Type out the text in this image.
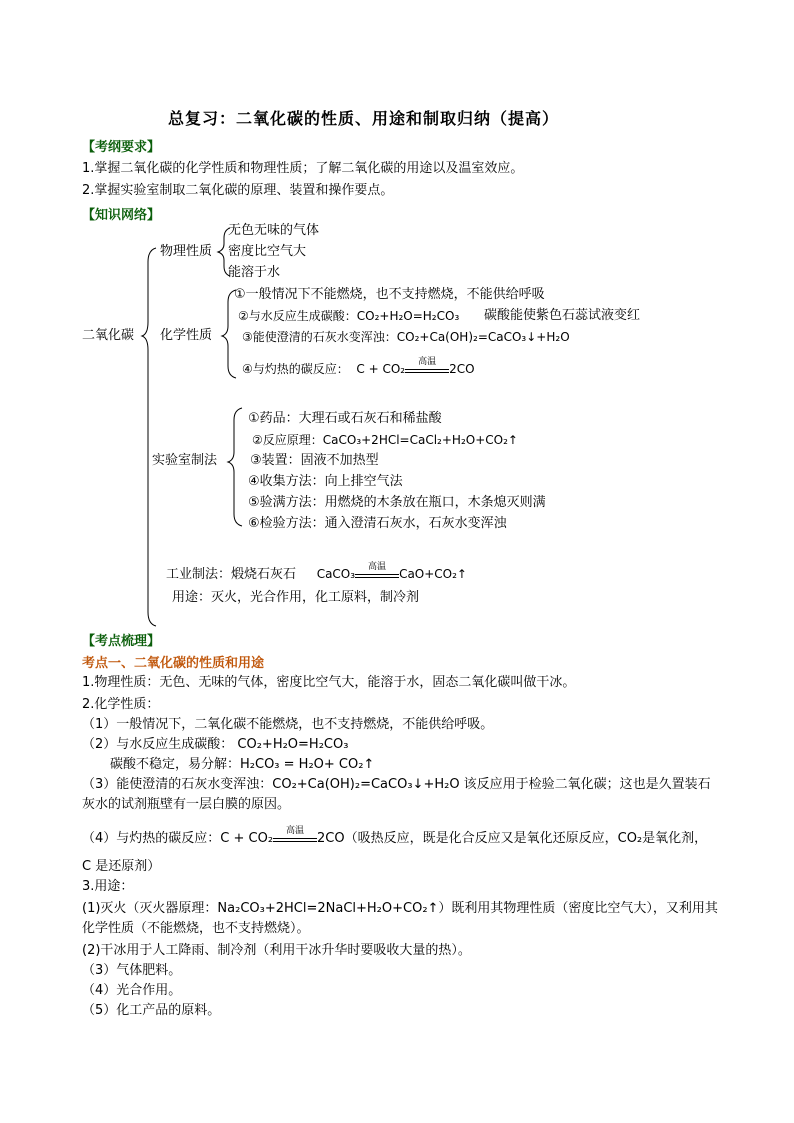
总复习：二氧化碳的性质、用途和制取归纳（提高）
【考纲要求】
1.掌握二氧化碳的化学性质和物理性质；了解二氧化碳的用途以及温室效应。
2.掌握实验室制取二氧化碳的原理、装置和操作要点。
【知识网络】
二氧化碳
物理性质
无色无味的气体
密度比空气大
能溶于水
化学性质
①一般情况下不能燃烧，也不支持燃烧，不能供给呼吸
②与水反应生成碳酸：CO₂+H₂O=H₂CO₃ 碳酸能使紫色石蕊试液变红
③能使澄清的石灰水变浑浊：CO₂+Ca(OH)₂=CaCO₃↓+H₂O
④与灼热的碳反应： C + CO₂
高温
2CO
实验室制法
①药品：大理石或石灰石和稀盐酸
②反应原理：CaCO₃+2HCl=CaCl₂+H₂O+CO₂↑
③装置：固液不加热型
④收集方法：向上排空气法
⑤验满方法：用燃烧的木条放在瓶口，木条熄灭则满
⑥检验方法：通入澄清石灰水，石灰水变浑浊
工业制法：煅烧石灰石 CaCO₃
高温
CaO+CO₂↑
用途：灭火，光合作用，化工原料，制冷剂
【考点梳理】
考点一、二氧化碳的性质和用途
1.物理性质：无色、无味的气体，密度比空气大，能溶于水，固态二氧化碳叫做干冰。
2.化学性质：
（1）一般情况下，二氧化碳不能燃烧，也不支持燃烧，不能供给呼吸。
（2）与水反应生成碳酸： CO₂+H₂O=H₂CO₃
碳酸不稳定，易分解：H₂CO₃ = H₂O+ CO₂↑
（3）能使澄清的石灰水变浑浊：CO₂+Ca(OH)₂=CaCO₃↓+H₂O 该反应用于检验二氧化碳；这也是久置装石
灰水的试剂瓶壁有一层白膜的原因。
（4）与灼热的碳反应：C + CO₂
高温
2CO（吸热反应，既是化合反应又是氧化还原反应，CO₂是氧化剂，
C 是还原剂）
3.用途：
(1)灭火（灭火器原理：Na₂CO₃+2HCl=2NaCl+H₂O+CO₂↑）既利用其物理性质（密度比空气大），又利用其
化学性质（不能燃烧，也不支持燃烧）。
(2)干冰用于人工降雨、制冷剂（利用干冰升华时要吸收大量的热）。
（3）气体肥料。
（4）光合作用。
（5）化工产品的原料。
